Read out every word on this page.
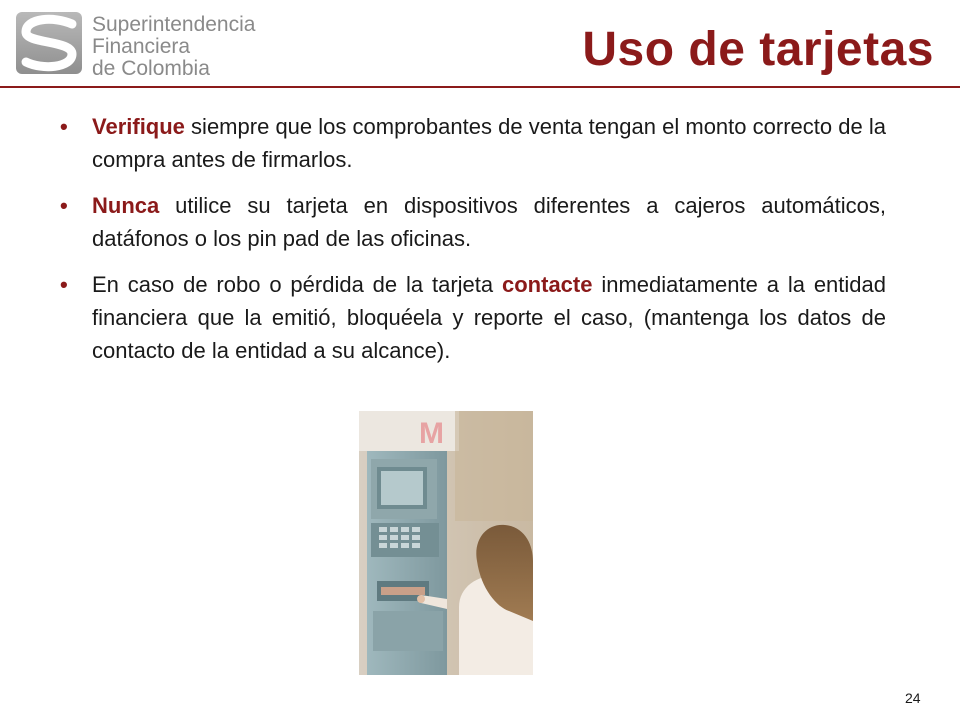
Superintendencia
Financiera
de Colombia	Uso de tarjetas
• Verifique siempre que los comprobantes de venta tengan el monto correcto de la compra antes de firmarlos.
• Nunca utilice su tarjeta en dispositivos diferentes a cajeros automáticos, datáfonos o los pin pad de las oficinas.
• En caso de robo o pérdida de la tarjeta contacte inmediatamente a la entidad financiera que la emitió, bloquéela y reporte el caso, (mantenga los datos de contacto de la entidad a su alcance).
M
24
